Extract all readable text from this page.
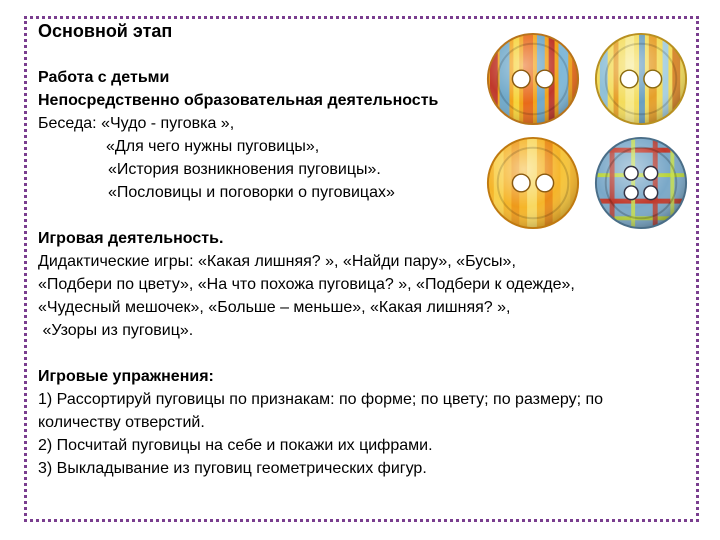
Основной этап

Работа с детьми

Непосредственно образовательная деятельность

Беседа: «Чудо - пуговка »,

«Для чего нужны пуговицы»,

«История возникновения пуговицы».

«Пословицы и поговорки о пуговицах»

Игровая деятельность.

Дидактические игры: «Какая лишняя? », «Найди пару», «Бусы»,

«Подбери по цвету», «На что похожа пуговица? », «Подбери к одежде»,

«Чудесный мешочек», «Больше – меньше», «Какая лишняя? »,

«Узоры из пуговиц».

Игровые упражнения:

1) Рассортируй пуговицы по признакам: по форме; по цвету; по размеру; по

количеству отверстий.

2) Посчитай пуговицы на себе и покажи их цифрами.

3) Выкладывание из пуговиц геометрических фигур.
